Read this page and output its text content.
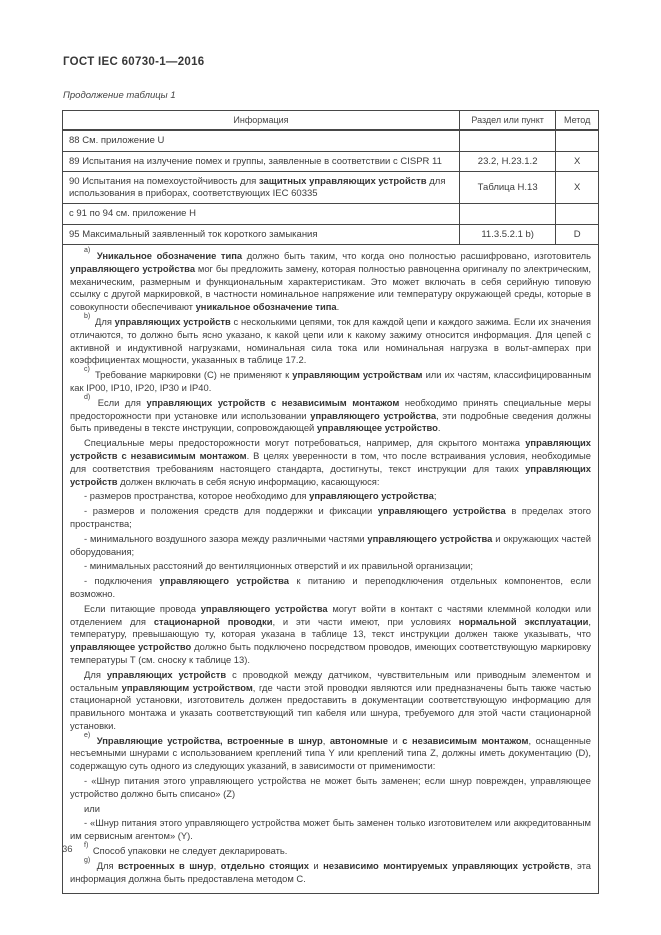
ГОСТ IEC 60730-1—2016
Продолжение таблицы 1
Информация	Раздел или пункт	Метод
88 См. приложение U		
89 Испытания на излучение помех и группы, заявленные в соответствии с CISPR 11	23.2, Н.23.1.2	X
90 Испытания на помехоустойчивость для защитных управляющих устройств для использования в приборах, соответствующих IEC 60335	Таблица Н.13	X
с 91 по 94 см. приложение Н		
95 Максимальный заявленный ток короткого замыкания	11.3.5.2.1 b)	D

$^{a)}$ Уникальное обозначение типа должно быть таким, что когда оно полностью расшифровано, изготовитель управляющего устройства мог бы предложить замену, которая полностью равноценна оригиналу по электрическим, механическим, размерным и функциональным характеристикам. Это может включать в себя серийную типовую ссылку с другой маркировкой, в частности номинальное напряжение или температуру окружающей среды, которые в совокупности обеспечивают уникальное обозначение типа.

$^{b)}$ Для управляющих устройств с несколькими цепями, ток для каждой цепи и каждого зажима. Если их значения отличаются, то должно быть ясно указано, к какой цепи или к какому зажиму относится информация. Для цепей с активной и индуктивной нагрузками, номинальная сила тока или номинальная нагрузка в вольт-амперах при коэффициентах мощности, указанных в таблице 17.2.

$^{c)}$ Требование маркировки (С) не применяют к управляющим устройствам или их частям, классифицированным как IP00, IP10, IP20, IP30 и IP40.

$^{d)}$ Если для управляющих устройств с независимым монтажом необходимо принять специальные меры предосторожности при установке или использовании управляющего устройства, эти подробные сведения должны быть приведены в тексте инструкции, сопровождающей управляющее устройство.

Специальные меры предосторожности могут потребоваться, например, для скрытого монтажа управляющих устройств с независимым монтажом. В целях уверенности в том, что после встраивания условия, необходимые для соответствия требованиям настоящего стандарта, достигнуты, текст инструкции для таких управляющих устройств должен включать в себя ясную информацию, касающуюся:

- размеров пространства, которое необходимо для управляющего устройства;

- размеров и положения средств для поддержки и фиксации управляющего устройства в пределах этого пространства;

- минимального воздушного зазора между различными частями управляющего устройства и окружающих частей оборудования;

- минимальных расстояний до вентиляционных отверстий и их правильной организации;

- подключения управляющего устройства к питанию и переподключения отдельных компонентов, если возможно.

Если питающие провода управляющего устройства могут войти в контакт с частями клеммной колодки или отделением для стационарной проводки, и эти части имеют, при условиях нормальной эксплуатации, температуру, превышающую ту, которая указана в таблице 13, текст инструкции должен также указывать, что управляющее устройство должно быть подключено посредством проводов, имеющих соответствующую маркировку температуры Т (см. сноску к таблице 13).

Для управляющих устройств с проводкой между датчиком, чувствительным или приводным элементом и остальным управляющим устройством, где части этой проводки являются или предназначены быть также частью стационарной установки, изготовитель должен предоставить в документации соответствующую информацию для правильного монтажа и указать соответствующий тип кабеля или шнура, требуемого для этой части стационарной установки.

$^{e)}$ Управляющие устройства, встроенные в шнур, автономные и с независимым монтажом, оснащенные несъемными шнурами с использованием креплений типа Y или креплений типа Z, должны иметь документацию (D), содержащую суть одного из следующих указаний, в зависимости от применимости:

- «Шнур питания этого управляющего устройства не может быть заменен; если шнур поврежден, управляющее устройство должно быть списано» (Z)

или

- «Шнур питания этого управляющего устройства может быть заменен только изготовителем или аккредитованным им сервисным агентом» (Y).

$^{f)}$ Способ упаковки не следует декларировать.

$^{g)}$ Для встроенных в шнур, отдельно стоящих и независимо монтируемых управляющих устройств, эта информация должна быть предоставлена методом С.

36
